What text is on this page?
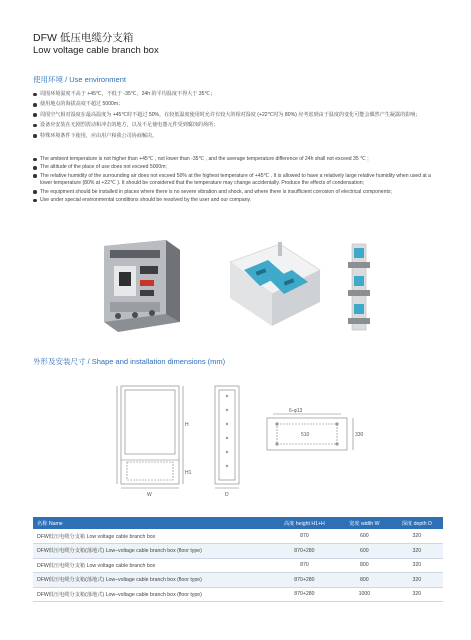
DFW 低压电缆分支箱
Low voltage cable branch box
使用环境 / Use environment
周围环境温度不高于 +45℃，不低于 -35℃，24h 的平均温度不得大于 35℃；
使用地点的海拔高度不超过 5000m；
周围空气相对湿度在最高温度为 +45℃时不超过 50%，在较低温度使用时允许有较大的相对湿度 (+22℃时为 80%) 应考虑到由于温度的变化可能会偶然产生凝露的影响；
设备应安装在无剧烈震动和冲击的地方，以及不足使电器元件受到腐蚀的场所；
特殊环境条件下使用，应由用户和我公司协商解决。
The ambient temperature is not higher than +45℃ , not lower than -35℃ , and the average temperature difference of 24h shall not exceed 35 ℃ ;
The altitude of the place of use does not exceed 5000m;
The relative humidity of the surrounding air does not exceed 50% at the highest temperature of +45℃ . It is allowed to have a relatively large relative humidity when used at a lower temperature (80% at +22℃ ). It should be considered that the temperature may change accidentally. Produce the effects of condensation;
The equipment should be installed in places where there is no severe vibration and shock, and where there is insufficient corrosion of electrical components;
Use under special environmental conditions should be resolved by the user and our company.
外形及安装尺寸 / Shape and installation dimensions (mm)
H
H1
W	D
6-φ13
510	330
名称 Name	高度 height H1+H	宽度 width W	深度 depth D
DFW低压电缆分支箱 Low voltage cable branch box	870	600	320
DFW低压电缆分支箱(落地式) Low–voltage cable branch box (floor type)	870+280	600	320
DFW低压电缆分支箱 Low voltage cable branch box	870	800	320
DFW低压电缆分支箱(落地式) Low–voltage cable branch box (floor type)	870+280	800	320
DFW低压电缆分支箱(落地式) Low–voltage cable branch box (floor type)	870+280	1000	320
